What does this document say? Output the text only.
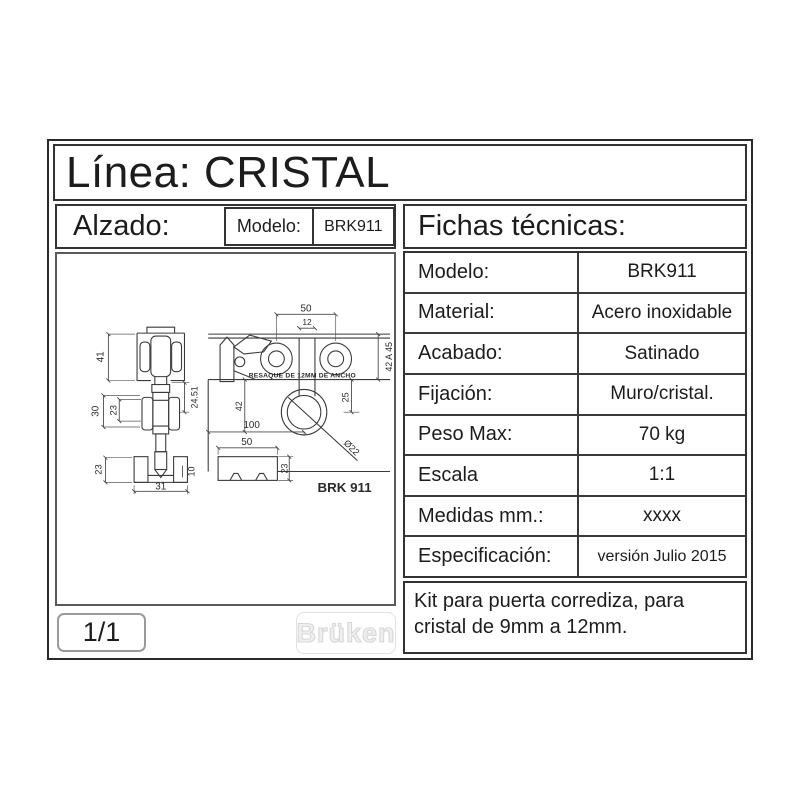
Línea: CRISTAL
Alzado:	Modelo:	BRK911	Fichas técnicas:
Modelo:	BRK911
Material:	Acero inoxidable
Acabado:	Satinado
Fijación:	Muro/cristal.
Peso Max:	70 kg
Escala	1:1
Medidas mm.:	xxxx
Especificación:	versión Julio 2015
Kit para puerta corrediza, para cristal de 9mm a 12mm.
41
30 23
24.51
23
31
10
50
12
42 A 45
42
25
100
50
23
Ø22
RESAQUE DE 12MM DE ANCHO
BRK 911
1/1	Brüken
